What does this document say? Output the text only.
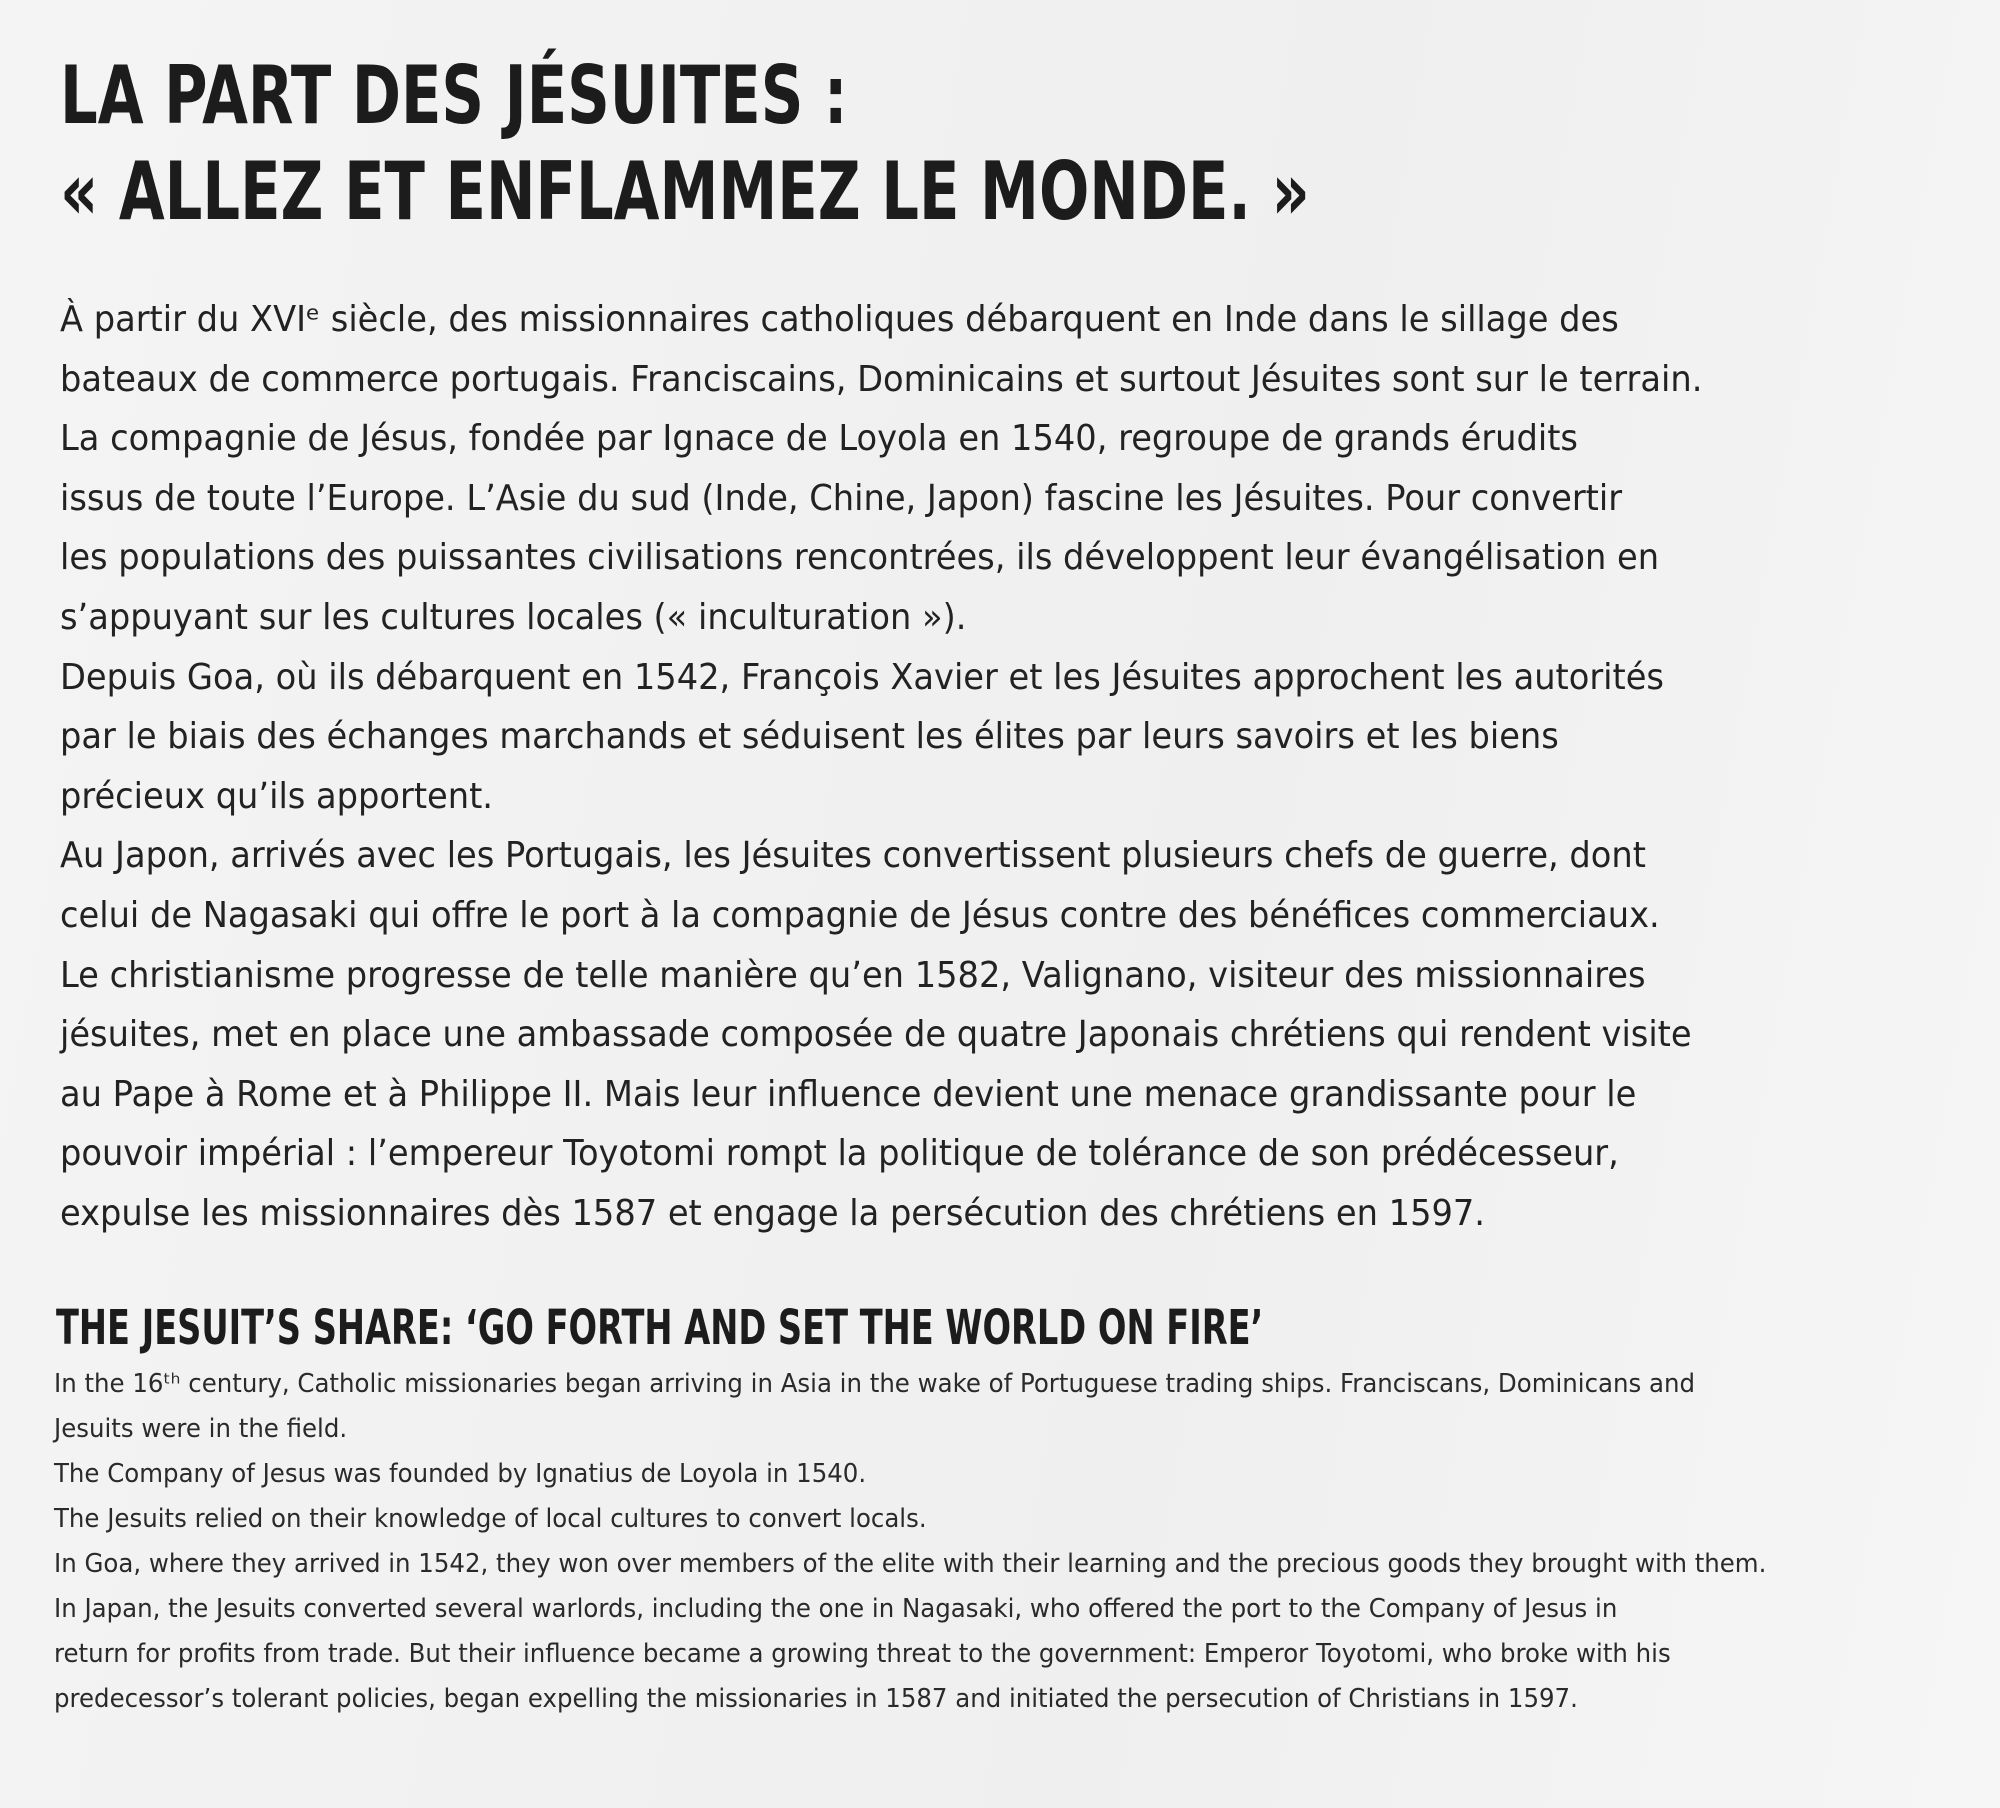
LA PART DES JÉSUITES :
« ALLEZ ET ENFLAMMEZ LE MONDE. »
À partir du XVIᵉ siècle, des missionnaires catholiques débarquent en Inde dans le sillage des
bateaux de commerce portugais. Franciscains, Dominicains et surtout Jésuites sont sur le terrain.
La compagnie de Jésus, fondée par Ignace de Loyola en 1540, regroupe de grands érudits
issus de toute l’Europe. L’Asie du sud (Inde, Chine, Japon) fascine les Jésuites. Pour convertir
les populations des puissantes civilisations rencontrées, ils développent leur évangélisation en
s’appuyant sur les cultures locales (« inculturation »).
Depuis Goa, où ils débarquent en 1542, François Xavier et les Jésuites approchent les autorités
par le biais des échanges marchands et séduisent les élites par leurs savoirs et les biens
précieux qu’ils apportent.
Au Japon, arrivés avec les Portugais, les Jésuites convertissent plusieurs chefs de guerre, dont
celui de Nagasaki qui offre le port à la compagnie de Jésus contre des bénéfices commerciaux.
Le christianisme progresse de telle manière qu’en 1582, Valignano, visiteur des missionnaires
jésuites, met en place une ambassade composée de quatre Japonais chrétiens qui rendent visite
au Pape à Rome et à Philippe II. Mais leur influence devient une menace grandissante pour le
pouvoir impérial : l’empereur Toyotomi rompt la politique de tolérance de son prédécesseur,
expulse les missionnaires dès 1587 et engage la persécution des chrétiens en 1597.
THE JESUIT’S SHARE: ‘GO FORTH AND SET THE WORLD ON FIRE’
In the 16ᵗʰ century, Catholic missionaries began arriving in Asia in the wake of Portuguese trading ships. Franciscans, Dominicans and
Jesuits were in the field.
The Company of Jesus was founded by Ignatius de Loyola in 1540.
The Jesuits relied on their knowledge of local cultures to convert locals.
In Goa, where they arrived in 1542, they won over members of the elite with their learning and the precious goods they brought with them.
In Japan, the Jesuits converted several warlords, including the one in Nagasaki, who offered the port to the Company of Jesus in
return for profits from trade. But their influence became a growing threat to the government: Emperor Toyotomi, who broke with his
predecessor’s tolerant policies, began expelling the missionaries in 1587 and initiated the persecution of Christians in 1597.
